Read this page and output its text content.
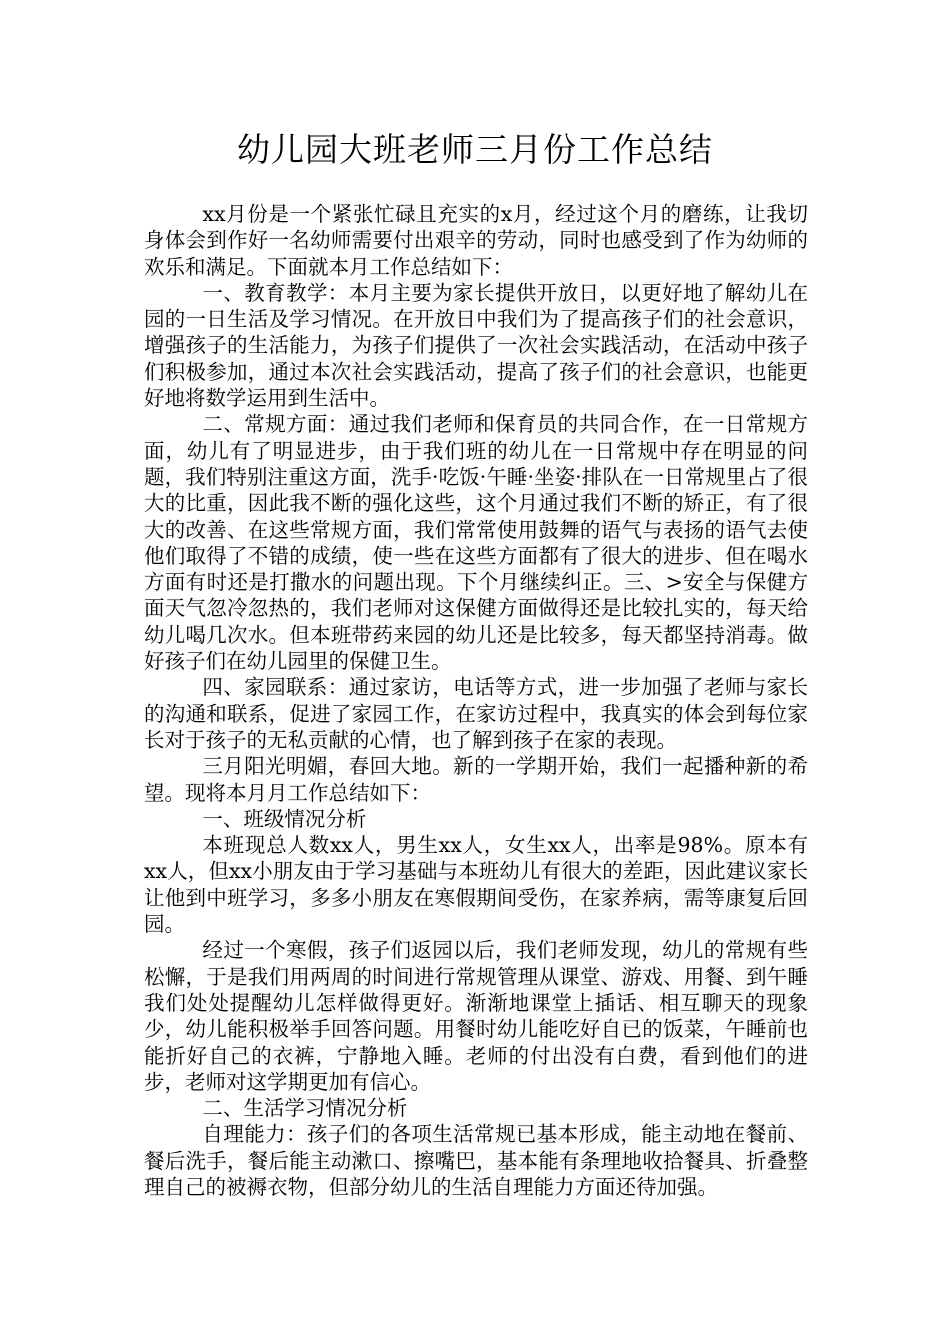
幼儿园大班老师三月份工作总结

xx月份是一个紧张忙碌且充实的x月，经过这个月的磨练，让我切身体会到作好一名幼师需要付出艰辛的劳动，同时也感受到了作为幼师的欢乐和满足。下面就本月工作总结如下：

一、教育教学：本月主要为家长提供开放日，以更好地了解幼儿在园的一日生活及学习情况。在开放日中我们为了提高孩子们的社会意识，增强孩子的生活能力，为孩子们提供了一次社会实践活动，在活动中孩子们积极参加，通过本次社会实践活动，提高了孩子们的社会意识，也能更好地将数学运用到生活中。

二、常规方面：通过我们老师和保育员的共同合作，在一日常规方面，幼儿有了明显进步，由于我们班的幼儿在一日常规中存在明显的问题，我们特别注重这方面，洗手·吃饭·午睡·坐姿·排队在一日常规里占了很大的比重，因此我不断的强化这些，这个月通过我们不断的矫正，有了很大的改善、在这些常规方面，我们常常使用鼓舞的语气与表扬的语气去使他们取得了不错的成绩，使一些在这些方面都有了很大的进步、但在喝水方面有时还是打撒水的问题出现。下个月继续纠正。三、>安全与保健方面天气忽冷忽热的，我们老师对这保健方面做得还是比较扎实的，每天给幼儿喝几次水。但本班带药来园的幼儿还是比较多，每天都坚持消毒。做好孩子们在幼儿园里的保健卫生。

四、家园联系：通过家访，电话等方式，进一步加强了老师与家长的沟通和联系，促进了家园工作，在家访过程中，我真实的体会到每位家长对于孩子的无私贡献的心情，也了解到孩子在家的表现。

三月阳光明媚，春回大地。新的一学期开始，我们一起播种新的希望。现将本月月工作总结如下：

一、班级情况分析

本班现总人数xx人，男生xx人，女生xx人，出率是98%。原本有xx人，但xx小朋友由于学习基础与本班幼儿有很大的差距，因此建议家长让他到中班学习，多多小朋友在寒假期间受伤，在家养病，需等康复后回园。

经过一个寒假，孩子们返园以后，我们老师发现，幼儿的常规有些松懈，于是我们用两周的时间进行常规管理从课堂、游戏、用餐、到午睡我们处处提醒幼儿怎样做得更好。渐渐地课堂上插话、相互聊天的现象少，幼儿能积极举手回答问题。用餐时幼儿能吃好自已的饭菜，午睡前也能折好自己的衣裤，宁静地入睡。老师的付出没有白费，看到他们的进步，老师对这学期更加有信心。

二、生活学习情况分析

自理能力：孩子们的各项生活常规已基本形成，能主动地在餐前、餐后洗手，餐后能主动漱口、擦嘴巴，基本能有条理地收拾餐具、折叠整理自己的被褥衣物，但部分幼儿的生活自理能力方面还待加强。
